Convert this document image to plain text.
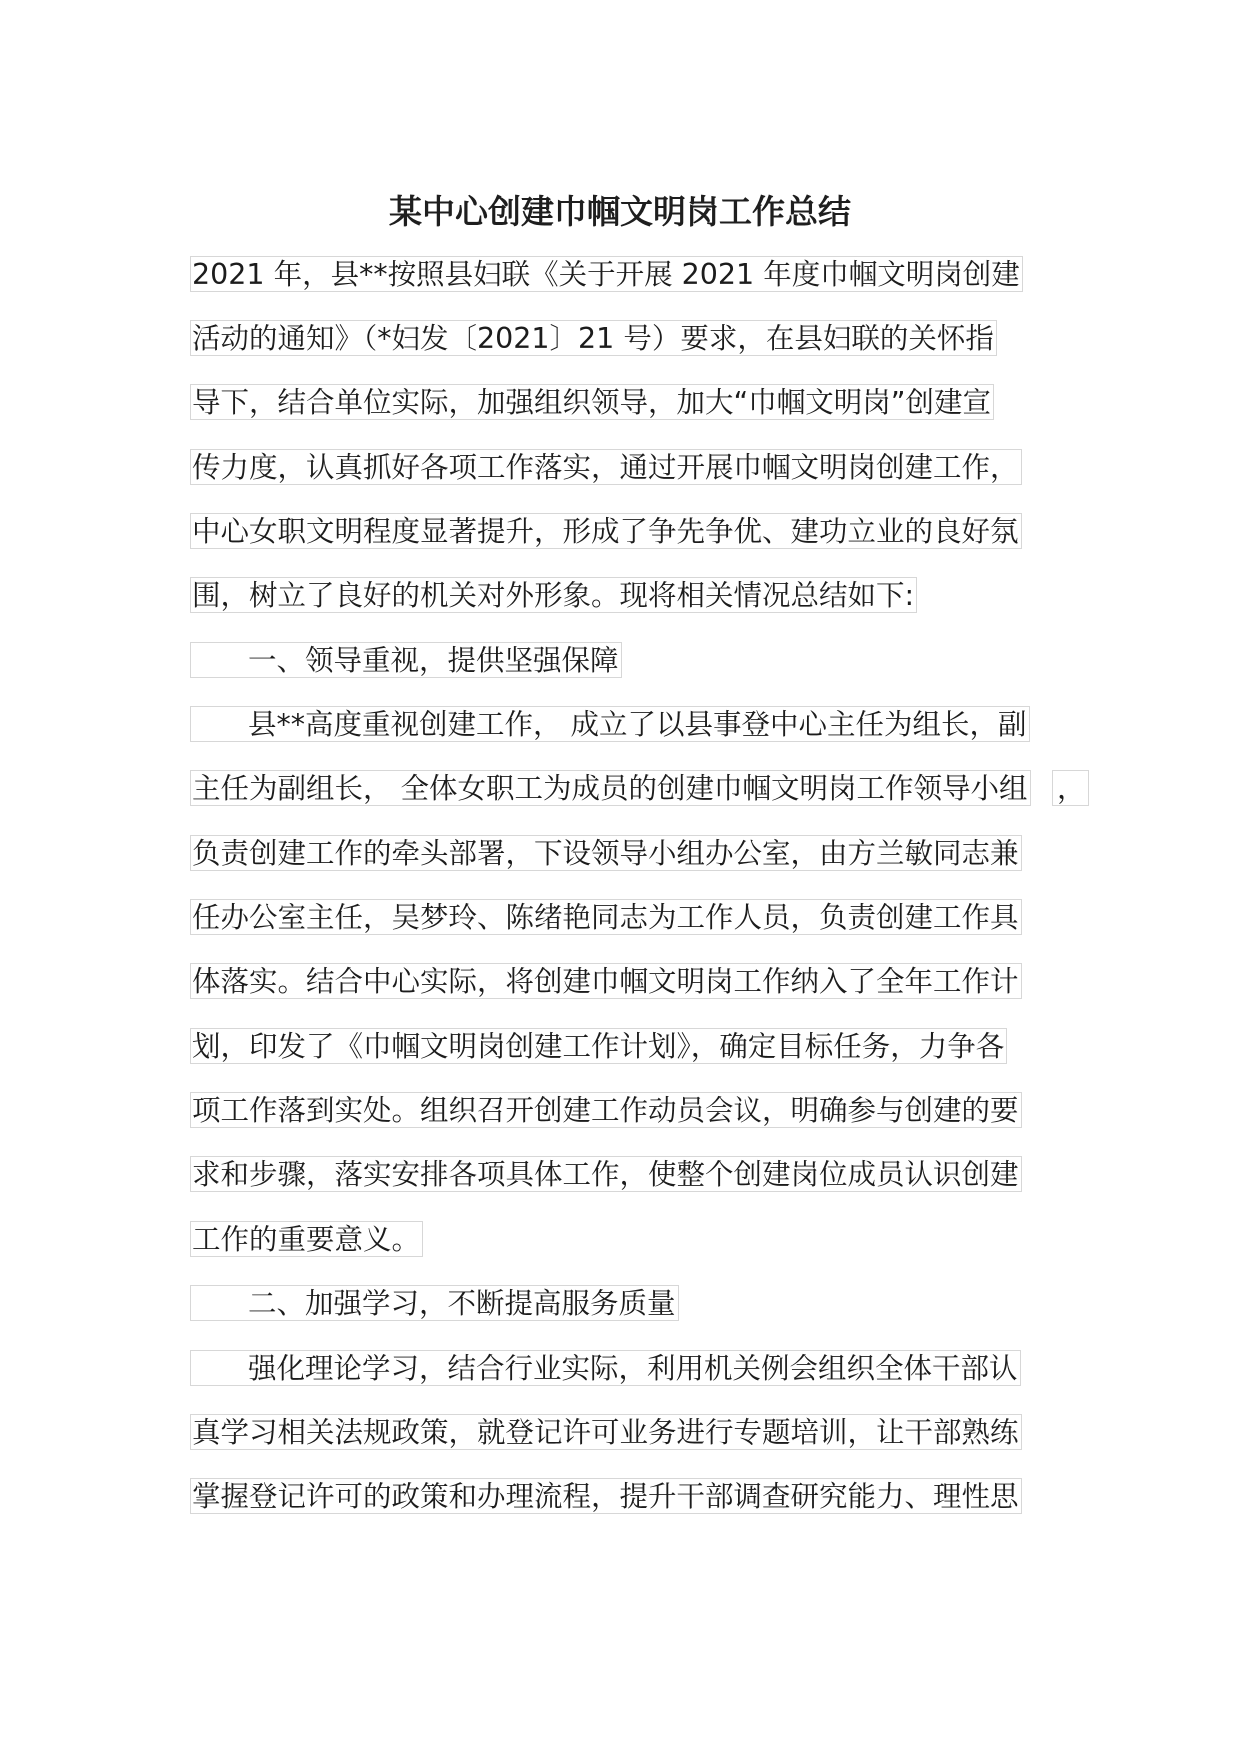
某中心创建巾帼文明岗工作总结
2021 年，县**按照县妇联《关于开展 2021 年度巾帼文明岗创建
活动的通知》（*妇发〔2021〕21 号）要求，在县妇联的关怀指
导下，结合单位实际，加强组织领导，加大“巾帼文明岗”创建宣
传力度，认真抓好各项工作落实，通过开展巾帼文明岗创建工作，
中心女职文明程度显著提升，形成了争先争优、建功立业的良好氛
围，树立了良好的机关对外形象。现将相关情况总结如下:
一、领导重视，提供坚强保障
县**高度重视创建工作， 成立了以县事登中心主任为组长，副
主任为副组长， 全体女职工为成员的创建巾帼文明岗工作领导小组 ，
负责创建工作的牵头部署，下设领导小组办公室，由方兰敏同志兼
任办公室主任，吴梦玲、陈绪艳同志为工作人员，负责创建工作具
体落实。结合中心实际，将创建巾帼文明岗工作纳入了全年工作计
划，印发了《巾帼文明岗创建工作计划》，确定目标任务，力争各
项工作落到实处。组织召开创建工作动员会议，明确参与创建的要
求和步骤，落实安排各项具体工作，使整个创建岗位成员认识创建
工作的重要意义。
二、加强学习，不断提高服务质量
强化理论学习，结合行业实际，利用机关例会组织全体干部认
真学习相关法规政策，就登记许可业务进行专题培训，让干部熟练
掌握登记许可的政策和办理流程，提升干部调查研究能力、理性思
